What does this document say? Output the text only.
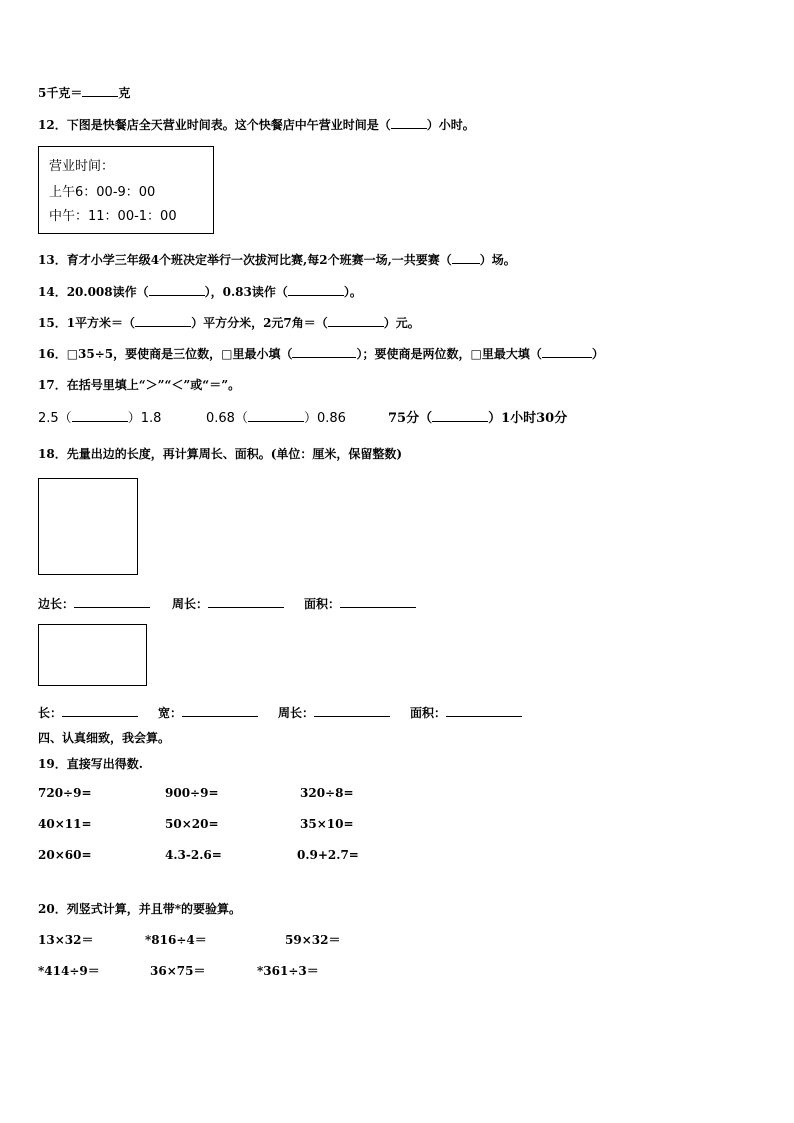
5千克＝	克
12．下图是快餐店全天营业时间表。这个快餐店中午营业时间是（	）小时。
营业时间：
上午6：00-9：00
中午：11：00-1：00
13．育才小学三年级4个班决定举行一次拔河比赛,每2个班赛一场,一共要赛（ ）场。
14．20.008读作（	），0.83读作（	）。
15．1平方米＝（	）平方分米，2元7角＝（	）元。
16．□35÷5，要使商是三位数，□里最小填（	）；要使商是两位数，□里最大填（	）
17．在括号里填上“＞”“＜”或“＝”。
2.5（	）1.8	0.68（	）0.86	75分（	）1小时30分
18．先量出边的长度，再计算周长、面积。(单位：厘米，保留整数)
边长：	周长：	面积：
长：	宽：	周长：	面积：
四、认真细致，我会算。
19．直接写出得数.
720÷9=	900÷9=	320÷8=
40×11=	50×20=	35×10=
20×60=	4.3-2.6=	0.9+2.7=
20．列竖式计算，并且带*的要验算。
13×32＝	*816÷4＝	59×32＝
*414÷9＝	36×75＝	*361÷3＝
